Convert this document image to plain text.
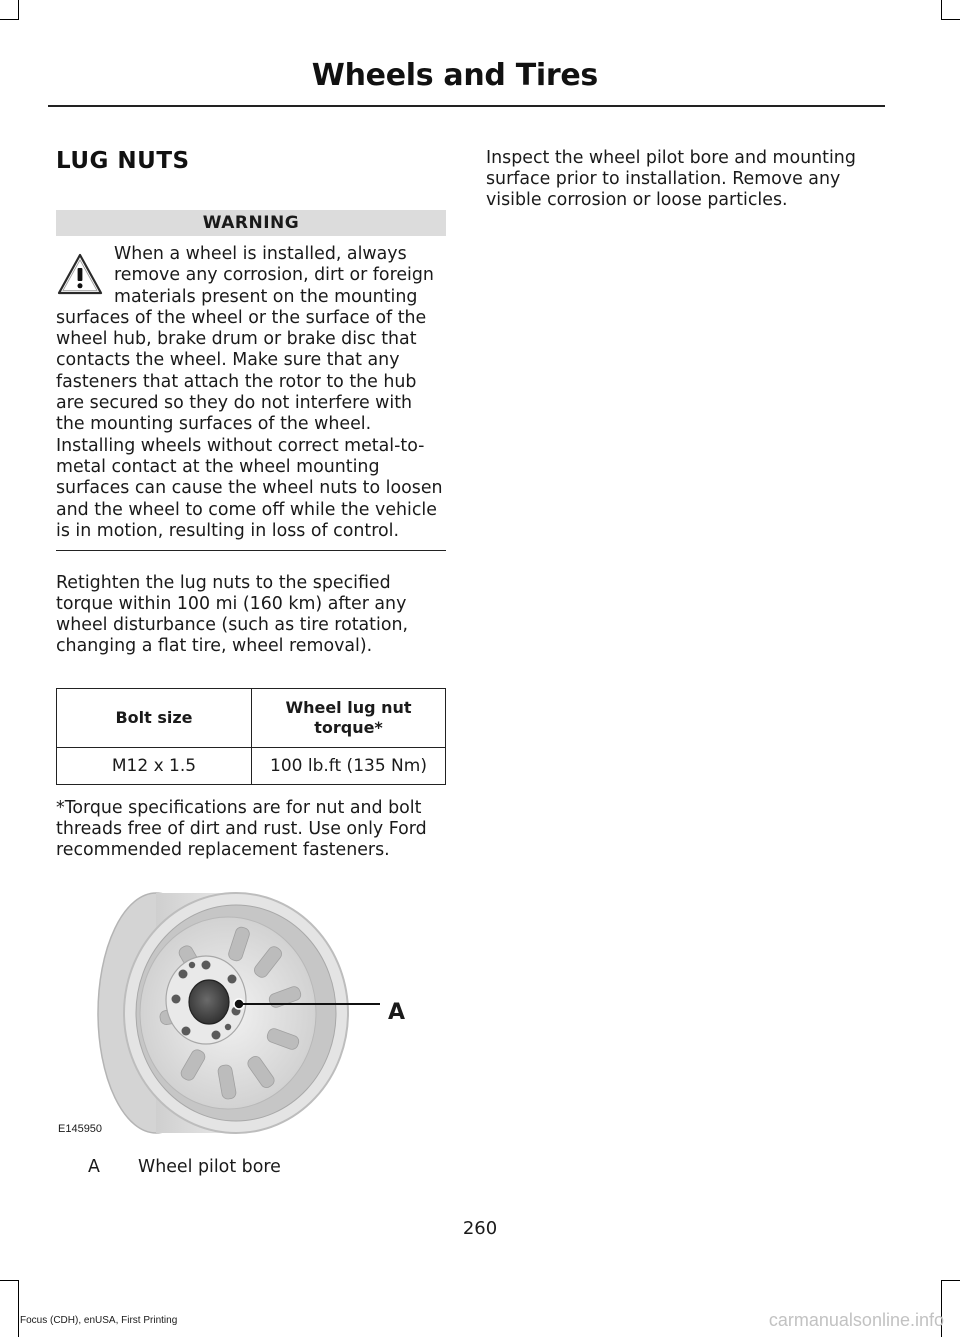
Wheels and Tires
LUG NUTS
WARNING
When a wheel is installed, always remove any corrosion, dirt or foreign materials present on the mounting surfaces of the wheel or the surface of the wheel hub, brake drum or brake disc that contacts the wheel. Make sure that any fasteners that attach the rotor to the hub are secured so they do not interfere with the mounting surfaces of the wheel. Installing wheels without correct metal-to-metal contact at the wheel mounting surfaces can cause the wheel nuts to loosen and the wheel to come off while the vehicle is in motion, resulting in loss of control.

Retighten the lug nuts to the specified torque within 100 mi (160 km) after any wheel disturbance (such as tire rotation, changing a flat tire, wheel removal).

Bolt size	Wheel lug nut torque*
M12 x 1.5	100 lb.ft (135 Nm)

*Torque specifications are for nut and bolt threads free of dirt and rust. Use only Ford recommended replacement fasteners.

A
E145950
A	Wheel pilot bore

Inspect the wheel pilot bore and mounting surface prior to installation. Remove any visible corrosion or loose particles.

260
Focus (CDH), enUSA, First Printing	carmanualsonline.info
